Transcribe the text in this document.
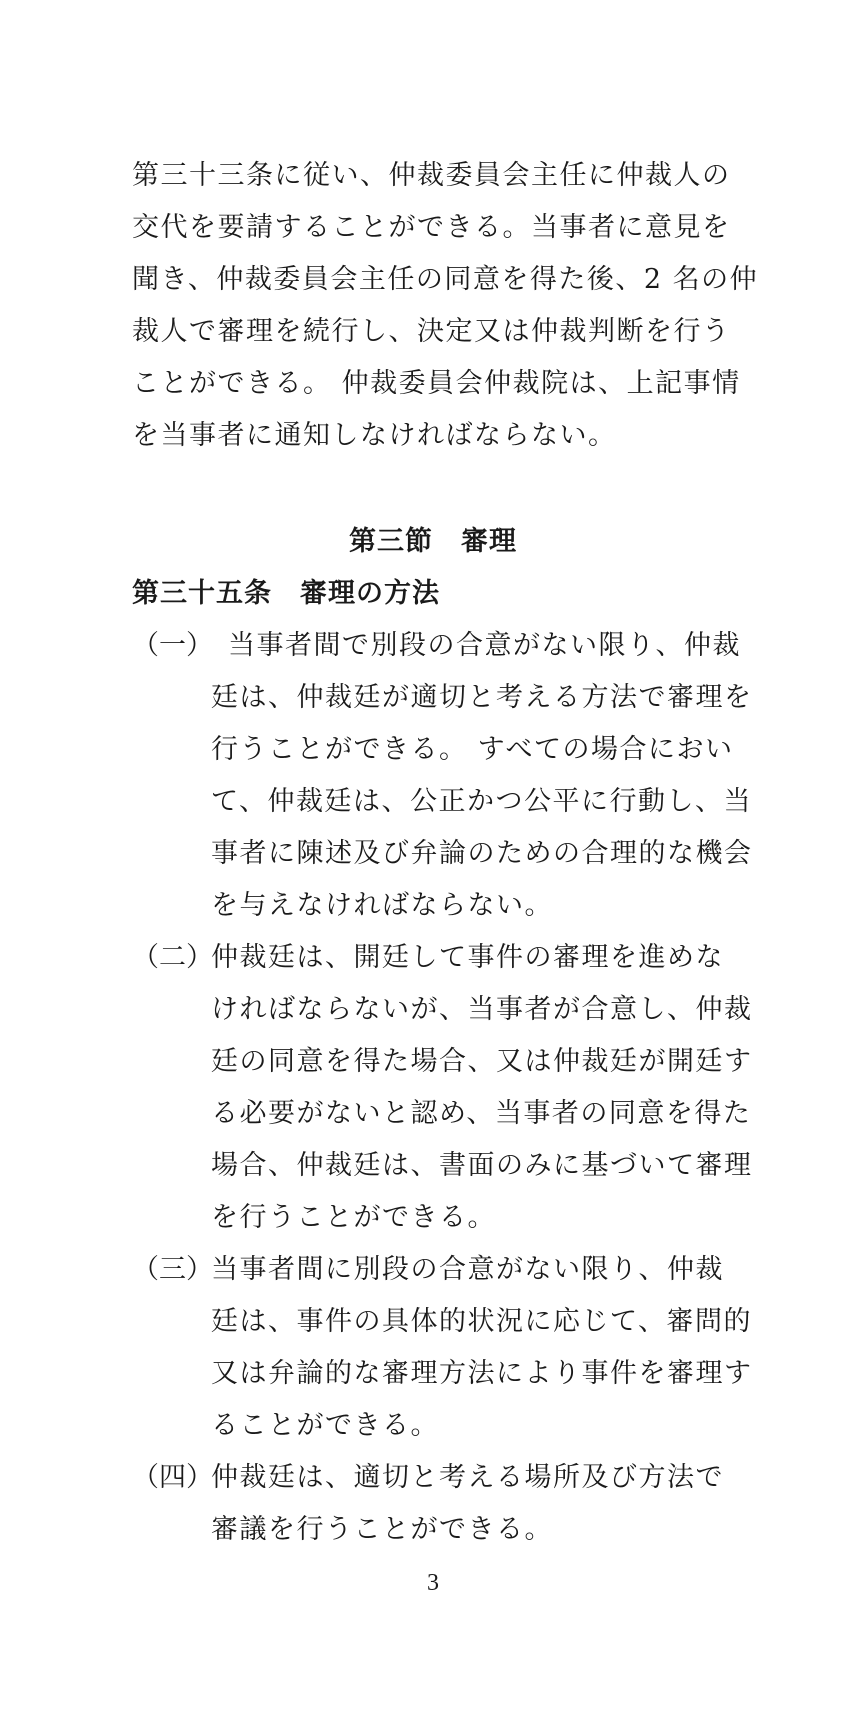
第三十三条に従い、仲裁委員会主任に仲裁人の
交代を要請することができる。当事者に意見を
聞き、仲裁委員会主任の同意を得た後、2 名の仲
裁人で審理を続行し、決定又は仲裁判断を行う
ことができる。 仲裁委員会仲裁院は、上記事情
を当事者に通知しなければならない。
第三節　審理
第三十五条　審理の方法
（一） 当事者間で別段の合意がない限り、仲裁
廷は、仲裁廷が適切と考える方法で審理を
行うことができる。 すべての場合におい
て、仲裁廷は、公正かつ公平に行動し、当
事者に陳述及び弁論のための合理的な機会
を与えなければならない。
（二）
仲裁廷は、開廷して事件の審理を進めな
ければならないが、当事者が合意し、仲裁
廷の同意を得た場合、又は仲裁廷が開廷す
る必要がないと認め、当事者の同意を得た
場合、仲裁廷は、書面のみに基づいて審理
を行うことができる。
（三）
当事者間に別段の合意がない限り、仲裁
廷は、事件の具体的状況に応じて、審問的
又は弁論的な審理方法により事件を審理す
ることができる。
（四）
仲裁廷は、適切と考える場所及び方法で
審議を行うことができる。
3
